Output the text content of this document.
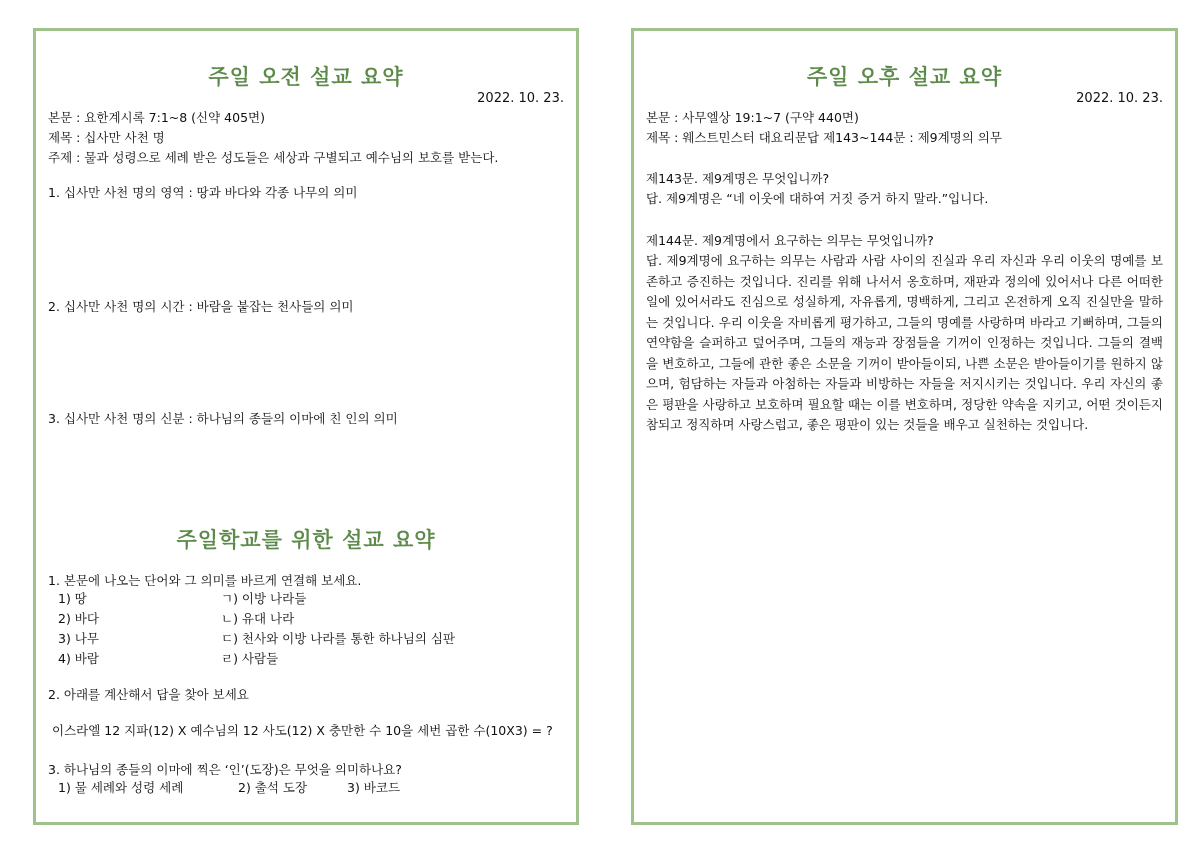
주일 오전 설교 요약
2022. 10. 23.
본문 : 요한계시록 7:1~8 (신약 405면)
제목 : 십사만 사천 명
주제 : 물과 성령으로 세례 받은 성도들은 세상과 구별되고 예수님의 보호를 받는다.
1. 십사만 사천 명의 영역 : 땅과 바다와 각종 나무의 의미
2. 십사만 사천 명의 시간 : 바람을 붙잡는 천사들의 의미
3. 십사만 사천 명의 신분 : 하나님의 종들의 이마에 친 인의 의미
주일학교를 위한 설교 요약
1. 본문에 나오는 단어와 그 의미를 바르게 연결해 보세요.
1) 땅
2) 바다
3) 나무
4) 바람
ㄱ) 이방 나라들
ㄴ) 유대 나라
ㄷ) 천사와 이방 나라를 통한 하나님의 심판
ㄹ) 사람들
2. 아래를 계산해서 답을 찾아 보세요
이스라엘 12 지파(12) X 예수님의 12 사도(12) X 충만한 수 10을 세번 곱한 수(10X3) = ?
3. 하나님의 종들의 이마에 찍은 ‘인’(도장)은 무엇을 의미하나요?
1) 물 세례와 성령 세례	2) 출석 도장	3) 바코드
주일 오후 설교 요약
2022. 10. 23.
본문 : 사무엘상 19:1~7 (구약 440면)
제목 : 웨스트민스터 대요리문답 제143~144문 : 제9계명의 의무
제143문. 제9계명은 무엇입니까?
답. 제9계명은 “네 이웃에 대하여 거짓 증거 하지 말라.”입니다.
제144문. 제9계명에서 요구하는 의무는 무엇입니까?
답. 제9계명에 요구하는 의무는 사람과 사람 사이의 진실과 우리 자신과 우리 이웃의 명예를 보존하고 증진하는 것입니다. 진리를 위해 나서서 옹호하며, 재판과 정의에 있어서나 다른 어떠한 일에 있어서라도 진심으로 성실하게, 자유롭게, 명백하게, 그리고 온전하게 오직 진실만을 말하는 것입니다. 우리 이웃을 자비롭게 평가하고, 그들의 명예를 사랑하며 바라고 기뻐하며, 그들의 연약함을 슬퍼하고 덮어주며, 그들의 재능과 장점들을 기꺼이 인정하는 것입니다. 그들의 결백을 변호하고, 그들에 관한 좋은 소문을 기꺼이 받아들이되, 나쁜 소문은 받아들이기를 원하지 않으며, 험담하는 자들과 아첨하는 자들과 비방하는 자들을 저지시키는 것입니다. 우리 자신의 좋은 평판을 사랑하고 보호하며 필요할 때는 이를 변호하며, 정당한 약속을 지키고, 어떤 것이든지 참되고 정직하며 사랑스럽고, 좋은 평판이 있는 것들을 배우고 실천하는 것입니다.
